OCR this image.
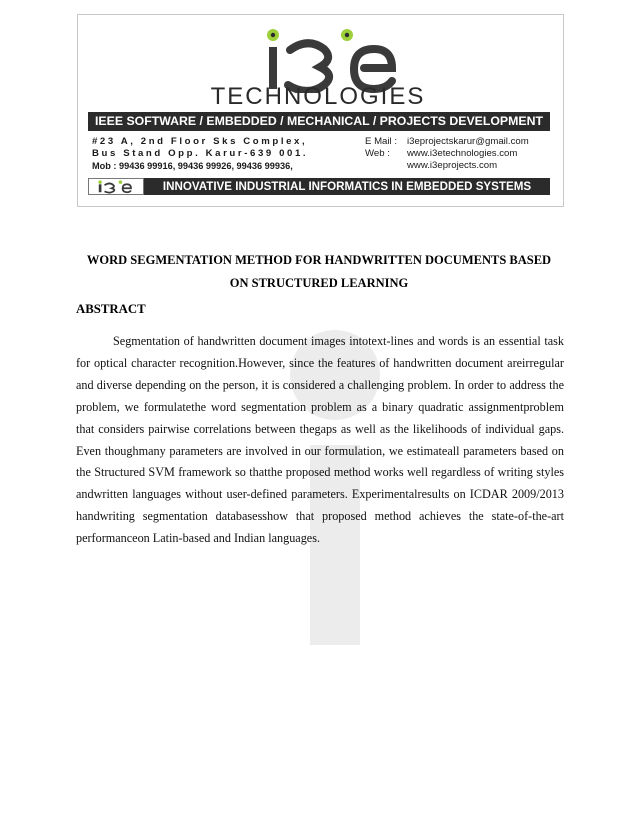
TECHNOLOGIES
IEEE SOFTWARE / EMBEDDED / MECHANICAL / PROJECTS DEVELOPMENT
#23 A, 2nd Floor Sks Complex,
Bus Stand Opp. Karur-639 001.
Mob : 99436 99916, 99436 99926, 99436 99936,
E Mail : i3eprojectskarur@gmail.com
Web : www.i3etechnologies.com
www.i3eprojects.com
INNOVATIVE INDUSTRIAL INFORMATICS IN EMBEDDED SYSTEMS
WORD SEGMENTATION METHOD FOR HANDWRITTEN DOCUMENTS BASED
ON STRUCTURED LEARNING
ABSTRACT

Segmentation of handwritten document images intotext-lines and words is an essential task for optical character recognition.However, since the features of handwritten document areirregular and diverse depending on the person, it is considered a challenging problem. In order to address the problem, we formulatethe word segmentation problem as a binary quadratic assignmentproblem that considers pairwise correlations between thegaps as well as the likelihoods of individual gaps. Even thoughmany parameters are involved in our formulation, we estimateall parameters based on the Structured SVM framework so thatthe proposed method works well regardless of writing styles andwritten languages without user-defined parameters. Experimentalresults on ICDAR 2009/2013 handwriting segmentation databasesshow that proposed method achieves the state-of-the-art performanceon Latin-based and Indian languages.
